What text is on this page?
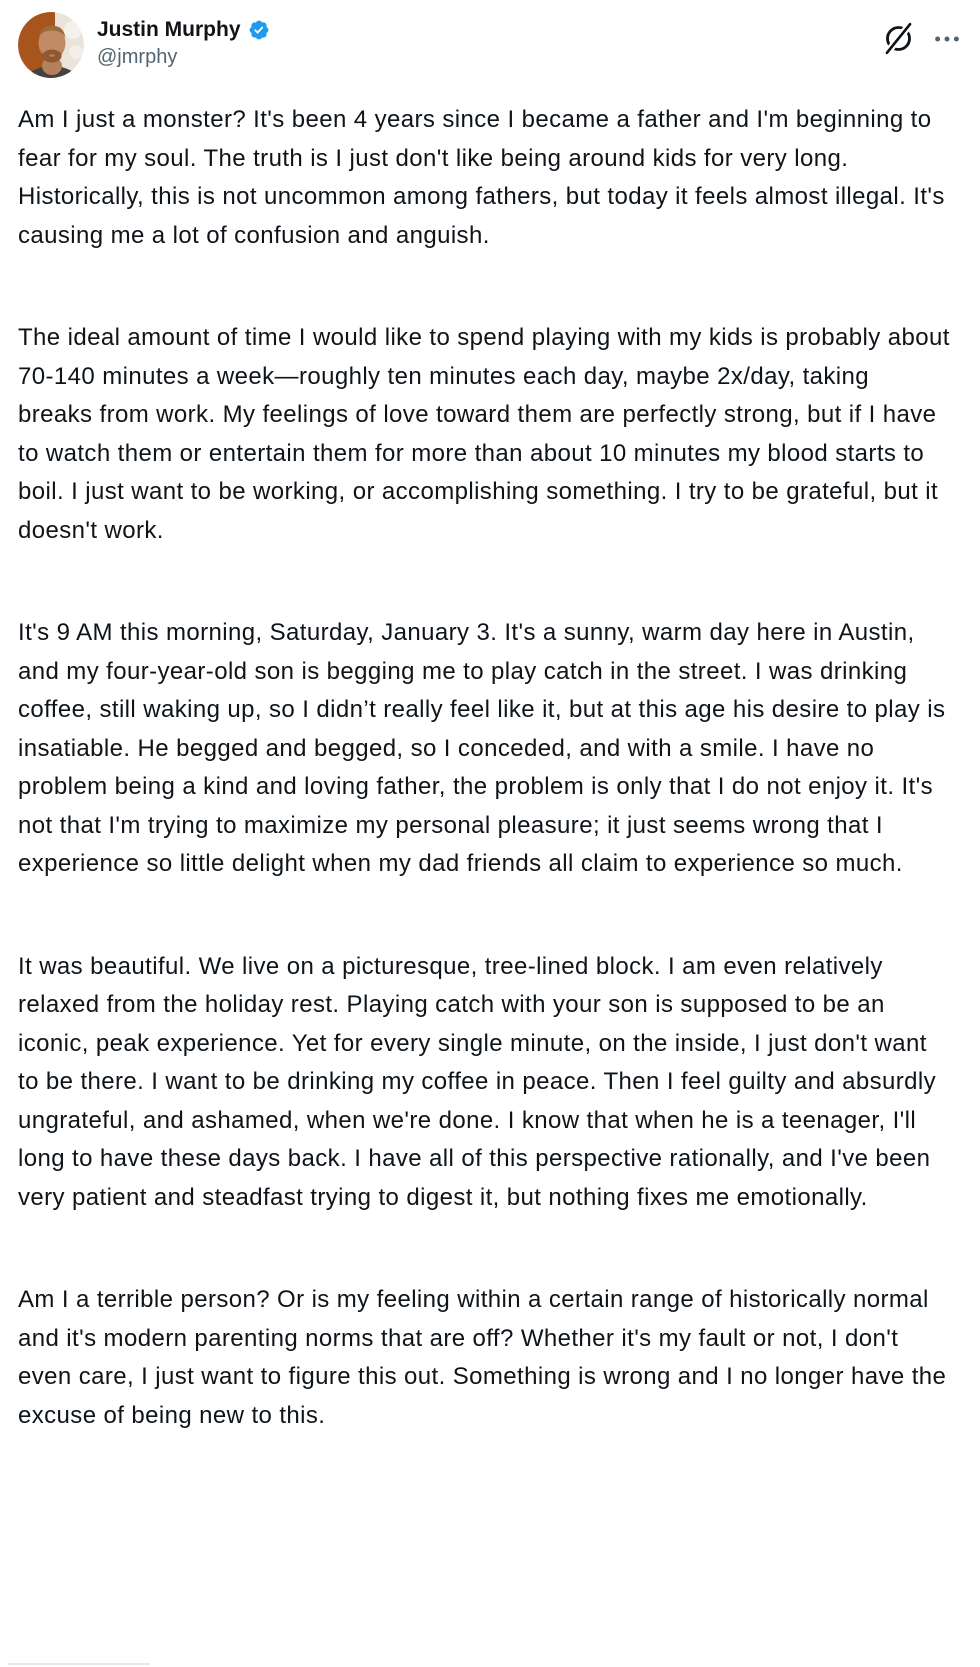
Justin Murphy
@jmrphy

Am I just a monster? It's been 4 years since I became a father and I'm beginning to fear for my soul. The truth is I just don't like being around kids for very long. Historically, this is not uncommon among fathers, but today it feels almost illegal. It's causing me a lot of confusion and anguish.

The ideal amount of time I would like to spend playing with my kids is probably about 70-140 minutes a week—roughly ten minutes each day, maybe 2x/day, taking breaks from work. My feelings of love toward them are perfectly strong, but if I have to watch them or entertain them for more than about 10 minutes my blood starts to boil. I just want to be working, or accomplishing something. I try to be grateful, but it doesn't work.

It's 9 AM this morning, Saturday, January 3. It's a sunny, warm day here in Austin, and my four-year-old son is begging me to play catch in the street. I was drinking coffee, still waking up, so I didn’t really feel like it, but at this age his desire to play is insatiable. He begged and begged, so I conceded, and with a smile. I have no problem being a kind and loving father, the problem is only that I do not enjoy it. It's not that I'm trying to maximize my personal pleasure; it just seems wrong that I experience so little delight when my dad friends all claim to experience so much.

It was beautiful. We live on a picturesque, tree-lined block. I am even relatively relaxed from the holiday rest. Playing catch with your son is supposed to be an iconic, peak experience. Yet for every single minute, on the inside, I just don't want to be there. I want to be drinking my coffee in peace. Then I feel guilty and absurdly ungrateful, and ashamed, when we're done. I know that when he is a teenager, I'll long to have these days back. I have all of this perspective rationally, and I've been very patient and steadfast trying to digest it, but nothing fixes me emotionally.

Am I a terrible person? Or is my feeling within a certain range of historically normal and it's modern parenting norms that are off? Whether it's my fault or not, I don't even care, I just want to figure this out. Something is wrong and I no longer have the excuse of being new to this.
